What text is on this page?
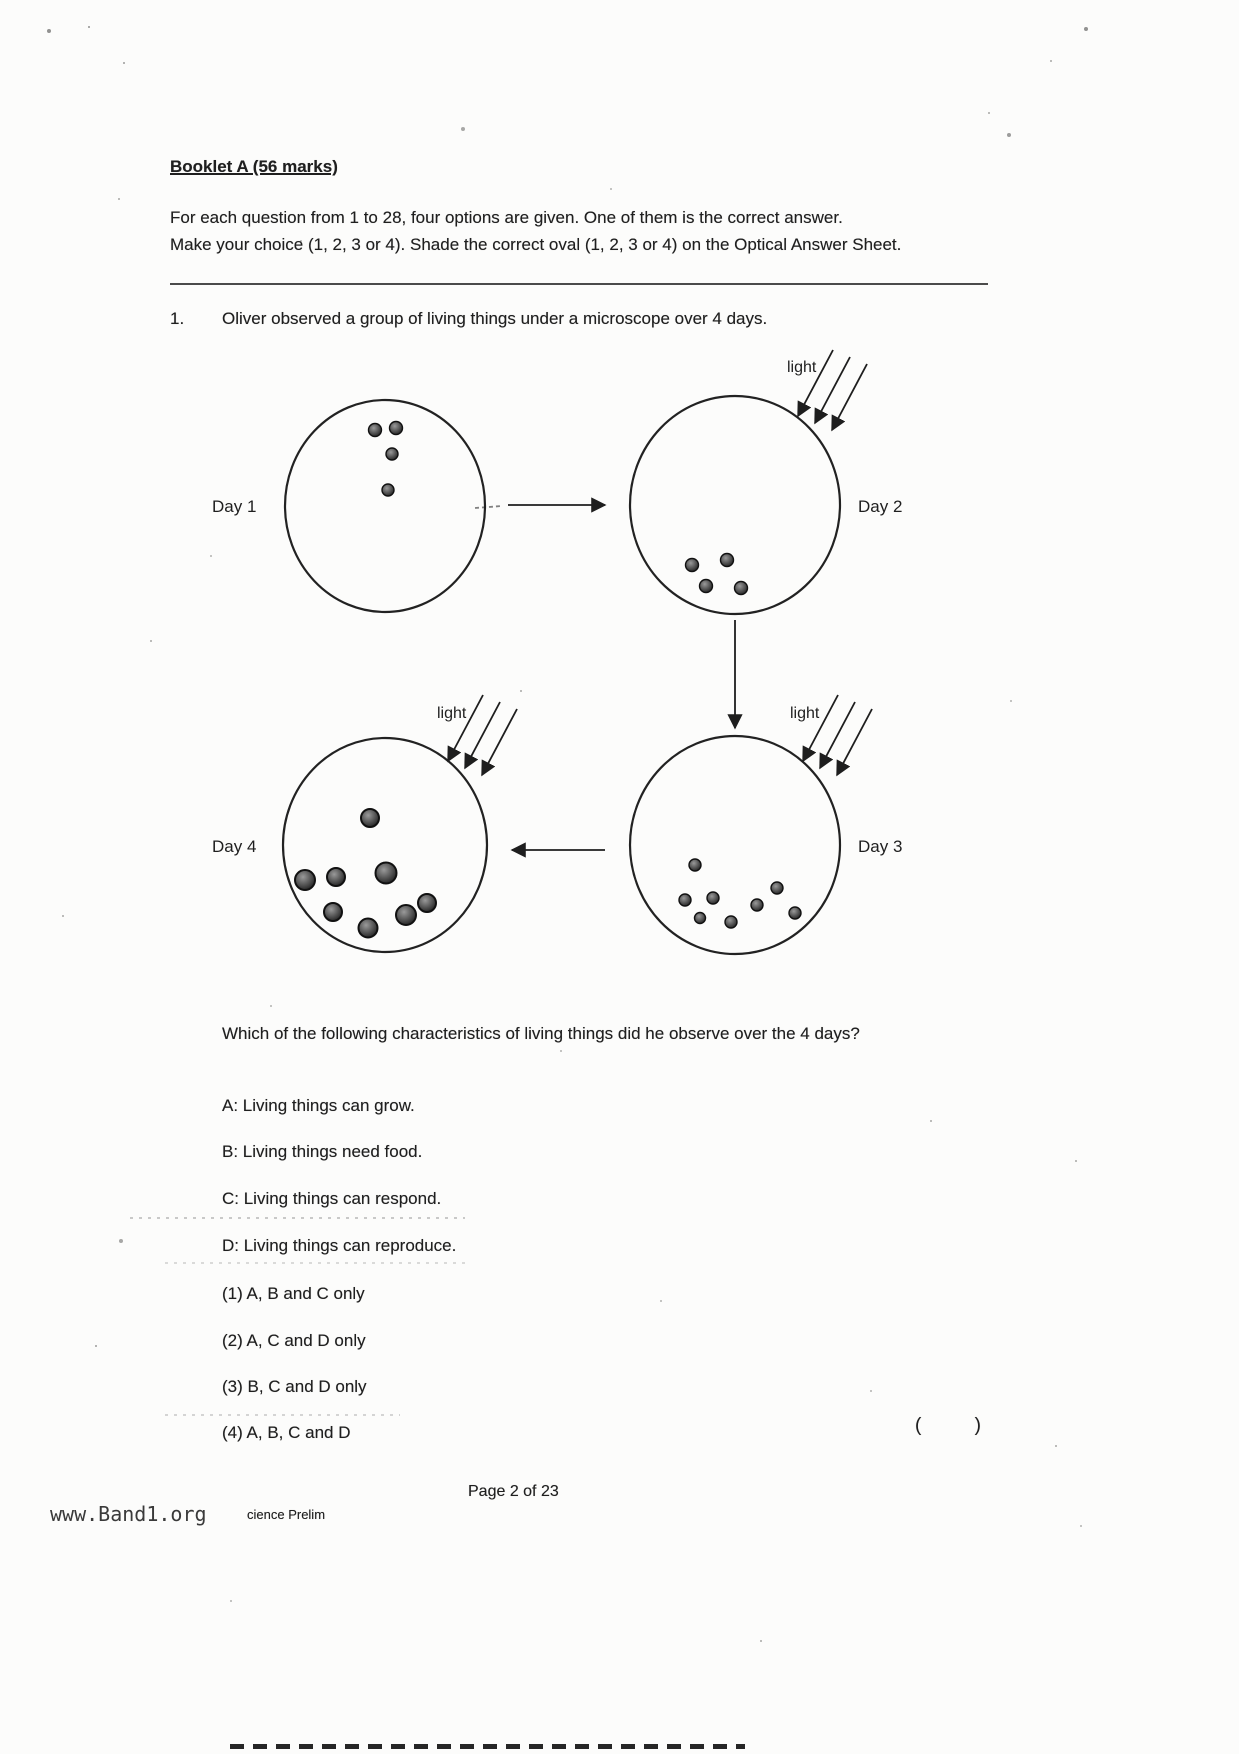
Booklet A (56 marks)
For each question from 1 to 28, four options are given. One of them is the correct answer.
Make your choice (1, 2, 3 or 4). Shade the correct oval (1, 2, 3 or 4) on the Optical Answer Sheet.
1. Oliver observed a group of living things under a microscope over 4 days.
Day 1	Day 2
light
Day 3
light
Day 4
light
Which of the following characteristics of living things did he observe over the 4 days?
A: Living things can grow.
B: Living things need food.
C: Living things can respond.
D: Living things can reproduce.
(1) A, B and C only
(2) A, C and D only
(3) B, C and D only
(4) A, B, C and D	(	)
Page 2 of 23
www.Band1.org	cience Prelim
